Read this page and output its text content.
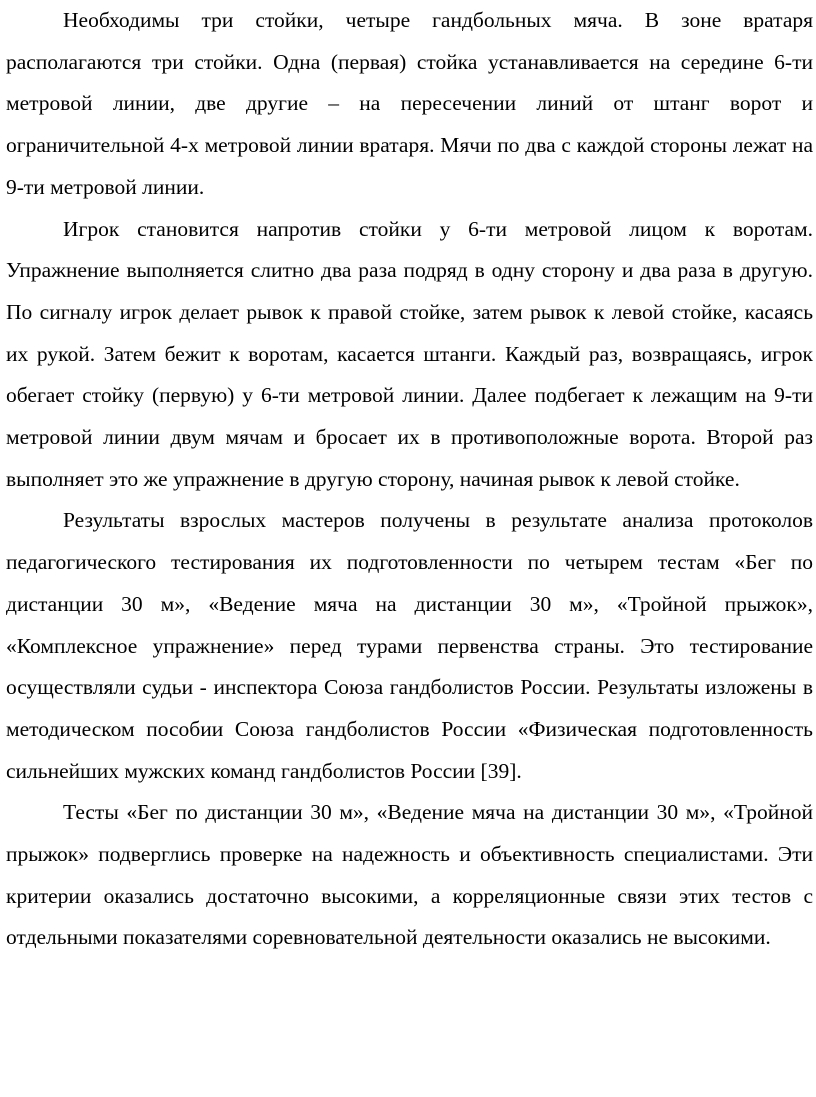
Необходимы три стойки, четыре гандбольных мяча. В зоне вратаря располагаются три стойки. Одна (первая) стойка устанавливается на середине 6-ти метровой линии, две другие – на пересечении линий от штанг ворот и ограничительной 4-х метровой линии вратаря. Мячи по два с каждой стороны лежат на 9-ти метровой линии.

Игрок становится напротив стойки у 6-ти метровой лицом к воротам. Упражнение выполняется слитно два раза подряд в одну сторону и два раза в другую. По сигналу игрок делает рывок к правой стойке, затем рывок к левой стойке, касаясь их рукой. Затем бежит к воротам, касается штанги. Каждый раз, возвращаясь, игрок обегает стойку (первую) у 6-ти метровой линии. Далее подбегает к лежащим на 9-ти метровой линии двум мячам и бросает их в противоположные ворота. Второй раз выполняет это же упражнение в другую сторону, начиная рывок к левой стойке.

Результаты взрослых мастеров получены в результате анализа протоколов педагогического тестирования их подготовленности по четырем тестам «Бег по дистанции 30 м», «Ведение мяча на дистанции 30 м», «Тройной прыжок», «Комплексное упражнение» перед турами первенства страны. Это тестирование осуществляли судьи - инспектора Союза гандболистов России. Результаты изложены в методическом пособии Союза гандболистов России «Физическая подготовленность сильнейших мужских команд гандболистов России [39].

Тесты «Бег по дистанции 30 м», «Ведение мяча на дистанции 30 м», «Тройной прыжок» подверглись проверке на надежность и объективность специалистами. Эти критерии оказались достаточно высокими, а корреляционные связи этих тестов с отдельными показателями соревновательной деятельности оказались не высокими.
